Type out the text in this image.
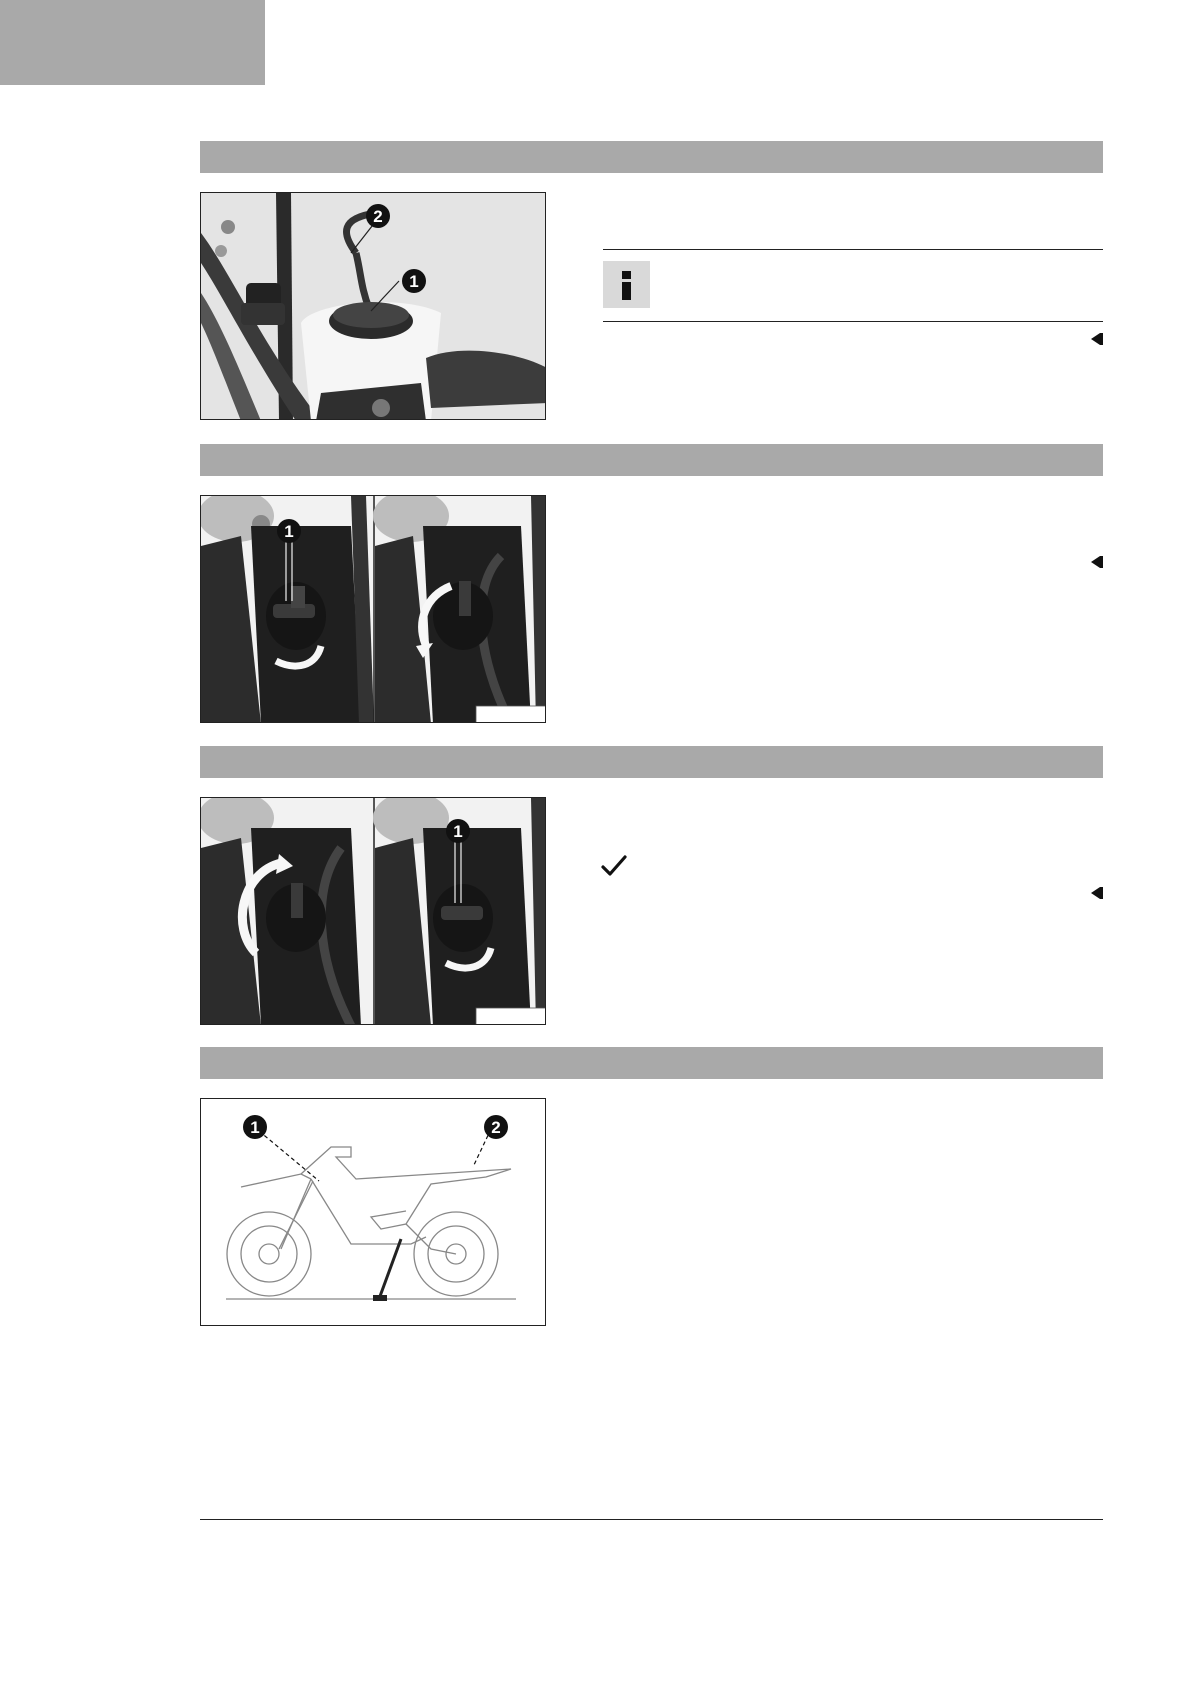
2
1
1
1
1	2
